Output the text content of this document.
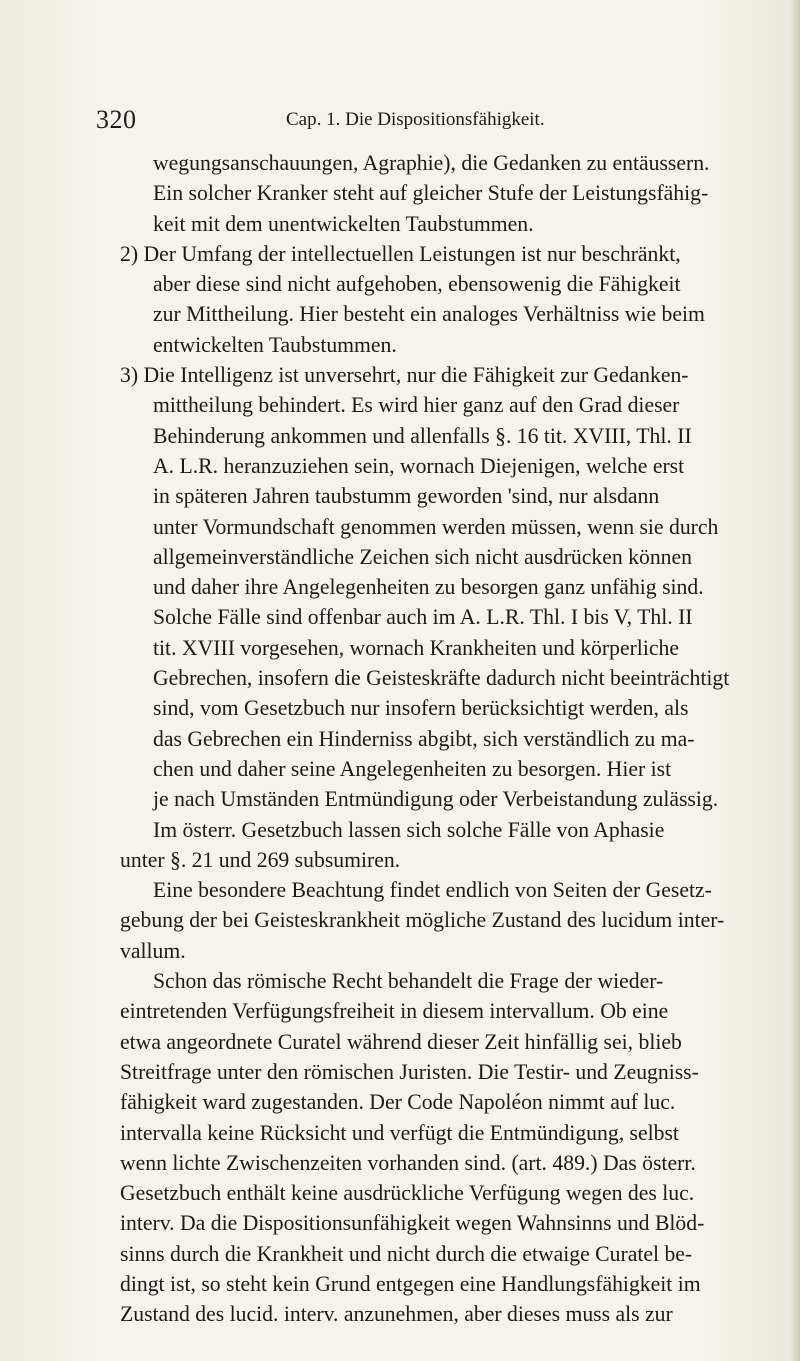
320	Cap. 1. Die Dispositionsfähigkeit.
wegungsanschauungen, Agraphie), die Gedanken zu entäussern.
Ein solcher Kranker steht auf gleicher Stufe der Leistungsfähig-
keit mit dem unentwickelten Taubstummen.
2) Der Umfang der intellectuellen Leistungen ist nur beschränkt,
aber diese sind nicht aufgehoben, ebensowenig die Fähigkeit
zur Mittheilung. Hier besteht ein analoges Verhältniss wie beim
entwickelten Taubstummen.
3) Die Intelligenz ist unversehrt, nur die Fähigkeit zur Gedanken-
mittheilung behindert. Es wird hier ganz auf den Grad dieser
Behinderung ankommen und allenfalls §. 16 tit. XVIII, Thl. II
A. L.R. heranzuziehen sein, wornach Diejenigen, welche erst
in späteren Jahren taubstumm geworden 'sind, nur alsdann
unter Vormundschaft genommen werden müssen, wenn sie durch
allgemeinverständliche Zeichen sich nicht ausdrücken können
und daher ihre Angelegenheiten zu besorgen ganz unfähig sind.
Solche Fälle sind offenbar auch im A. L.R. Thl. I bis V, Thl. II
tit. XVIII vorgesehen, wornach Krankheiten und körperliche
Gebrechen, insofern die Geisteskräfte dadurch nicht beeinträchtigt
sind, vom Gesetzbuch nur insofern berücksichtigt werden, als
das Gebrechen ein Hinderniss abgibt, sich verständlich zu ma-
chen und daher seine Angelegenheiten zu besorgen. Hier ist
je nach Umständen Entmündigung oder Verbeistandung zulässig.
Im österr. Gesetzbuch lassen sich solche Fälle von Aphasie
unter §. 21 und 269 subsumiren.
Eine besondere Beachtung findet endlich von Seiten der Gesetz-
gebung der bei Geisteskrankheit mögliche Zustand des lucidum inter-
vallum.
Schon das römische Recht behandelt die Frage der wieder-
eintretenden Verfügungsfreiheit in diesem intervallum. Ob eine
etwa angeordnete Curatel während dieser Zeit hinfällig sei, blieb
Streitfrage unter den römischen Juristen. Die Testir- und Zeugniss-
fähigkeit ward zugestanden. Der Code Napoléon nimmt auf luc.
intervalla keine Rücksicht und verfügt die Entmündigung, selbst
wenn lichte Zwischenzeiten vorhanden sind. (art. 489.) Das österr.
Gesetzbuch enthält keine ausdrückliche Verfügung wegen des luc.
interv. Da die Dispositionsunfähigkeit wegen Wahnsinns und Blöd-
sinns durch die Krankheit und nicht durch die etwaige Curatel be-
dingt ist, so steht kein Grund entgegen eine Handlungsfähigkeit im
Zustand des lucid. interv. anzunehmen, aber dieses muss als zur
